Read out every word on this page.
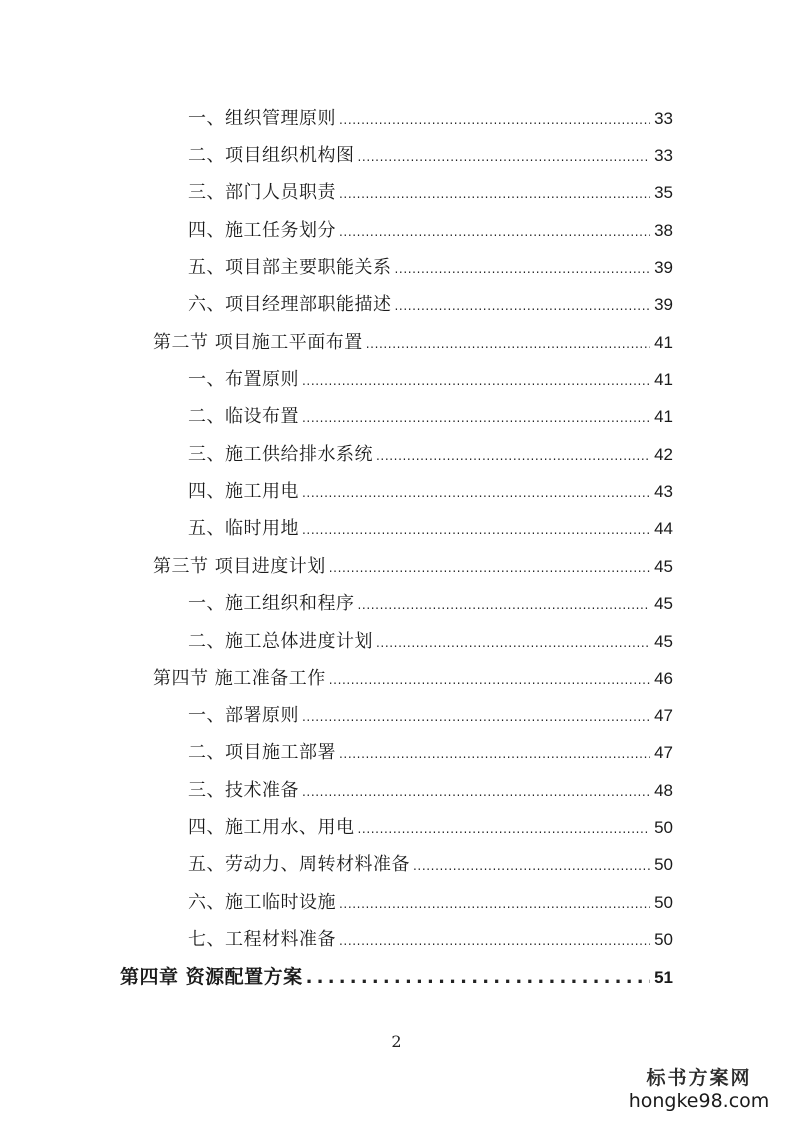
一、组织管理原则 .....	33
二、项目组织机构图 .....	33
三、部门人员职责 .....	35
四、施工任务划分 .....	38
五、项目部主要职能关系 .....	39
六、项目经理部职能描述 .....	39
第二节 项目施工平面布置 .....	41
一、布置原则 .....	41
二、临设布置 .....	41
三、施工供给排水系统 .....	42
四、施工用电 .....	43
五、临时用地 .....	44
第三节 项目进度计划 .....	45
一、施工组织和程序 .....	45
二、施工总体进度计划 .....	45
第四节 施工准备工作 .....	46
一、部署原则 .....	47
二、项目施工部署 .....	47
三、技术准备 .....	48
四、施工用水、用电 .....	50
五、劳动力、周转材料准备 .....	50
六、施工临时设施 .....	50
七、工程材料准备 .....	50
第四章 资源配置方案 .....	51
2
标书方案网
hongke98.com
